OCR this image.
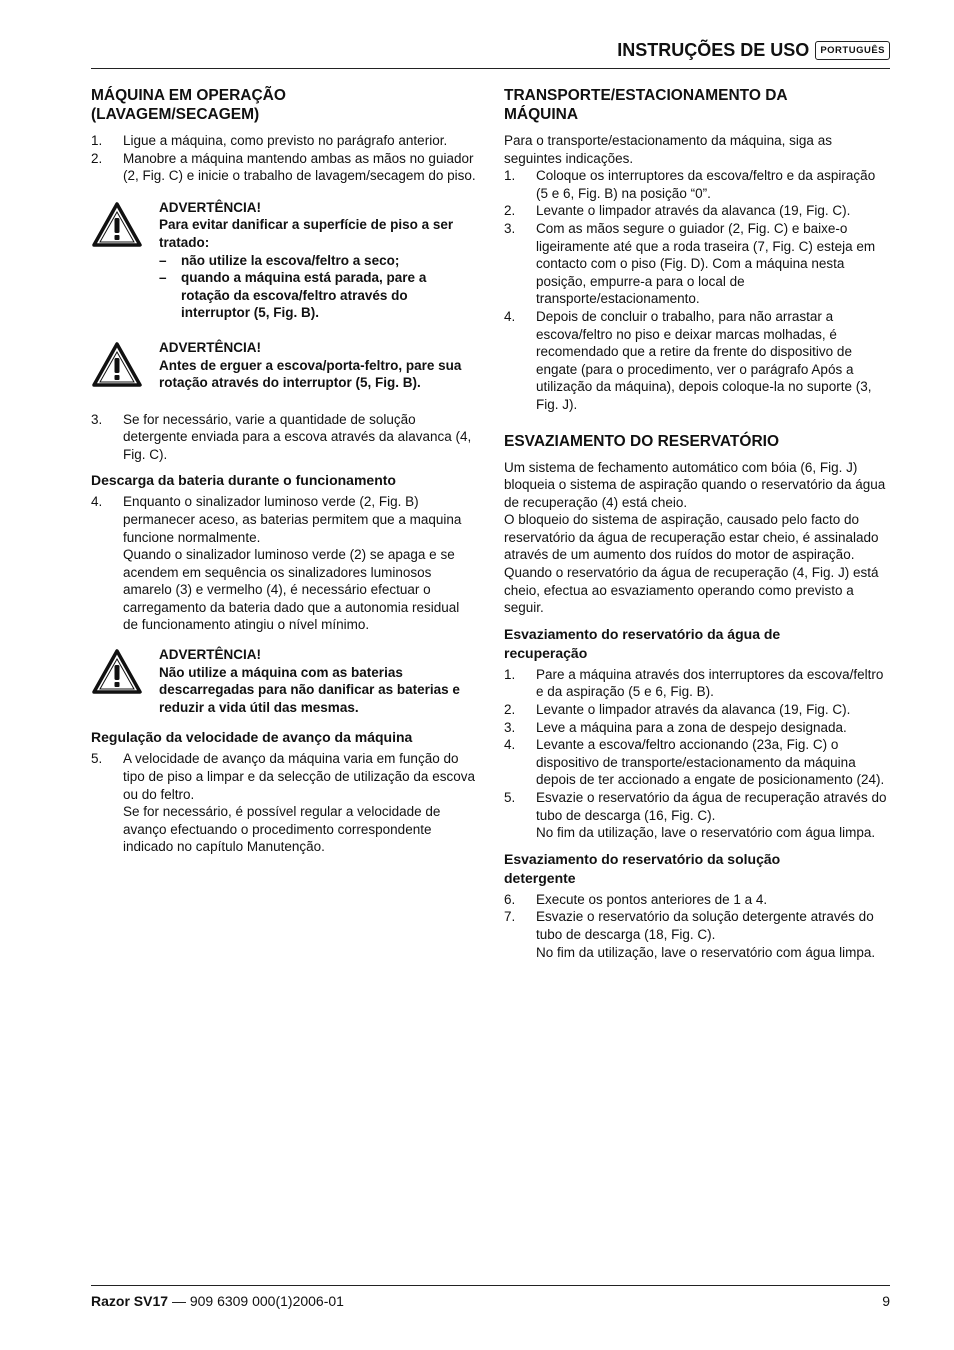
INSTRUÇÕES DE USO	PORTUGUÊS
MÁQUINA EM OPERAÇÃO
(LAVAGEM/SECAGEM)
1.	Ligue a máquina, como previsto no parágrafo anterior.
2.	Manobre a máquina mantendo ambas as mãos no guiador (2, Fig. C) e inicie o trabalho de lavagem/secagem do piso.
ADVERTÊNCIA!
Para evitar danificar a superfície de piso a ser tratado:
–	não utilize la escova/feltro a seco;
–	quando a máquina está parada, pare a rotação da escova/feltro através do interruptor (5, Fig. B).
ADVERTÊNCIA!
Antes de erguer a escova/porta-feltro, pare sua rotação através do interruptor (5, Fig. B).
3.	Se for necessário, varie a quantidade de solução detergente enviada para a escova através da alavanca (4, Fig. C).
Descarga da bateria durante o funcionamento
4.	Enquanto o sinalizador luminoso verde (2, Fig. B) permanecer aceso, as baterias permitem que a maquina funcione normalmente.
Quando o sinalizador luminoso verde (2) se apaga e se acendem em sequência os sinalizadores luminosos amarelo (3) e vermelho (4), é necessário efectuar o carregamento da bateria dado que a autonomia residual de funcionamento atingiu o nível mínimo.
ADVERTÊNCIA!
Não utilize a máquina com as baterias descarregadas para não danificar as baterias e reduzir a vida útil das mesmas.
Regulação da velocidade de avanço da máquina
5.	A velocidade de avanço da máquina varia em função do tipo de piso a limpar e da selecção de utilização da escova ou do feltro.
Se for necessário, é possível regular a velocidade de avanço efectuando o procedimento correspondente indicado no capítulo Manutenção.
TRANSPORTE/ESTACIONAMENTO DA
MÁQUINA

Para o transporte/estacionamento da máquina, siga as seguintes indicações.

1.	Coloque os interruptores da escova/feltro e da aspiração (5 e 6, Fig. B) na posição “0”.
2.	Levante o limpador através da alavanca (19, Fig. C).
3.	Com as mãos segure o guiador (2, Fig. C) e baixe-o ligeiramente até que a roda traseira (7, Fig. C) esteja em contacto com o piso (Fig. D). Com a máquina nesta posição, empurre-a para o local de transporte/estacionamento.
4.	Depois de concluir o trabalho, para não arrastar a escova/feltro no piso e deixar marcas molhadas, é recomendado que a retire da frente do dispositivo de engate (para o procedimento, ver o parágrafo Após a utilização da máquina), depois coloque-la no suporte (3, Fig. J).
ESVAZIAMENTO DO RESERVATÓRIO

Um sistema de fechamento automático com bóia (6, Fig. J) bloqueia o sistema de aspiração quando o reservatório da água de recuperação (4) está cheio.

O bloqueio do sistema de aspiração, causado pelo facto do reservatório da água de recuperação estar cheio, é assinalado através de um aumento dos ruídos do motor de aspiração.

Quando o reservatório da água de recuperação (4, Fig. J) está cheio, efectua ao esvaziamento operando como previsto a seguir.

Esvaziamento do reservatório da água de
recuperação
1.	Pare a máquina através dos interruptores da escova/feltro e da aspiração (5 e 6, Fig. B).
2.	Levante o limpador através da alavanca (19, Fig. C).
3.	Leve a máquina para a zona de despejo designada.
4.	Levante a escova/feltro accionando (23a, Fig. C) o dispositivo de transporte/estacionamento da máquina depois de ter accionado a engate de posicionamento (24).
5.	Esvazie o reservatório da água de recuperação através do tubo de descarga (16, Fig. C).
No fim da utilização, lave o reservatório com água limpa.
Esvaziamento do reservatório da solução
detergente
6.	Execute os pontos anteriores de 1 a 4.
7.	Esvazie o reservatório da solução detergente através do tubo de descarga (18, Fig. C).
No fim da utilização, lave o reservatório com água limpa.
Razor SV17 — 909 6309 000(1)2006-01	9
